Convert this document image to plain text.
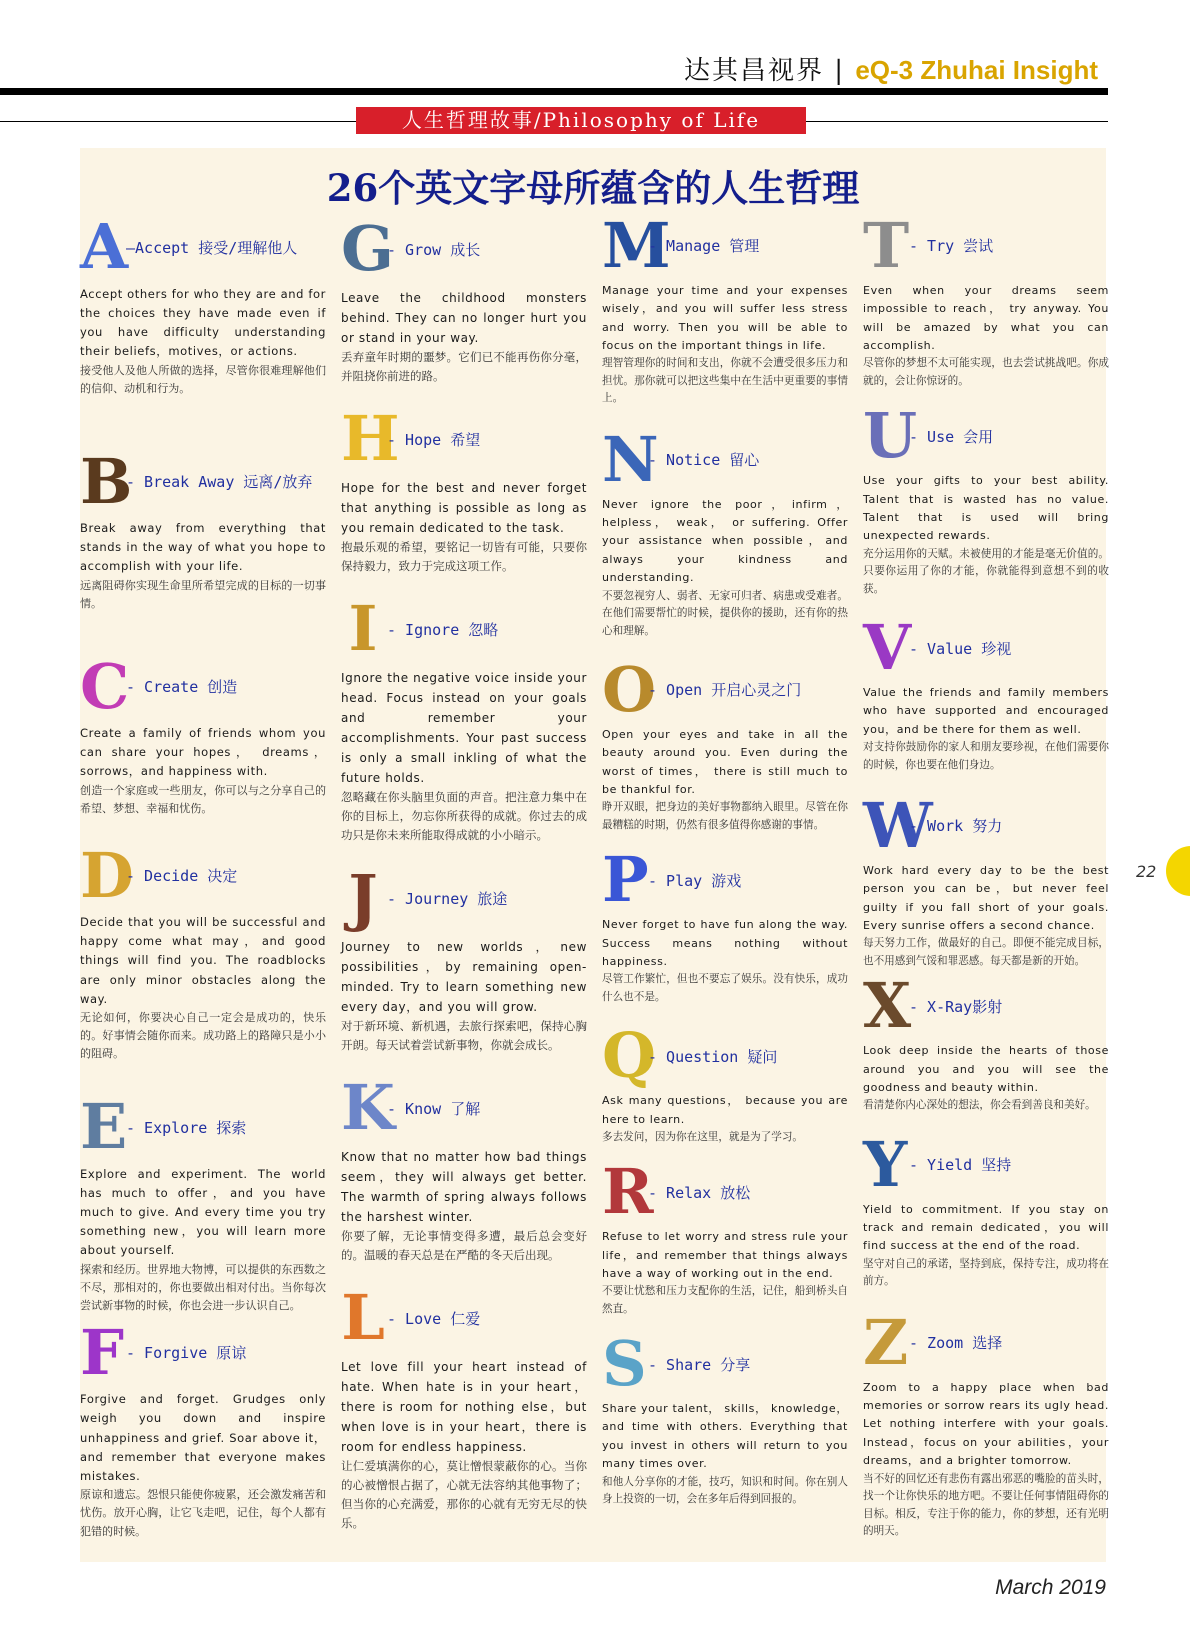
达其昌视界 | eQ-3 Zhuhai Insight
人生哲理故事/Philosophy of Life
26个英文字母所蕴含的人生哲理
A
–Accept 接受/理解他人

Accept others for who they are and for the choices they have made even if you have difficulty understanding their beliefs，motives，or actions.

接受他人及他人所做的选择，尽管你很难理解他们的信仰、动机和行为。

B
- Break Away 远离/放弃

Break away from everything that stands in the way of what you hope to accomplish with your life.

远离阻碍你实现生命里所希望完成的目标的一切事情。

C
- Create 创造

Create a family of friends whom you can share your hopes， dreams， sorrows，and happiness with.

创造一个家庭或一些朋友，你可以与之分享自己的希望、梦想、幸福和忧伤。

D
- Decide 决定

Decide that you will be successful and happy come what may，and good things will find you. The roadblocks are only minor obstacles along the way.

无论如何，你要决心自己一定会是成功的，快乐的。好事情会随你而来。成功路上的路障只是小小的阻碍。

E
- Explore 探索

Explore and experiment. The world has much to offer，and you have much to give. And every time you try something new，you will learn more about yourself.

探索和经历。世界地大物博，可以提供的东西数之不尽，那相对的，你也要做出相对付出。当你每次尝试新事物的时候，你也会进一步认识自己。

F - Forgive 原谅

Forgive and forget. Grudges only weigh you down and inspire unhappiness and grief. Soar above it，and remember that everyone makes mistakes.

原谅和遗忘。怨恨只能使你疲累，还会激发痛苦和忧伤。放开心胸，让它飞走吧，记住，每个人都有犯错的时候。

G
- Grow 成长

Leave the childhood monsters behind. They can no longer hurt you or stand in your way.

丢弃童年时期的噩梦。它们已不能再伤你分毫，并阻挠你前进的路。

H
- Hope 希望

Hope for the best and never forget that anything is possible as long as you remain dedicated to the task.

抱最乐观的希望，要铭记一切皆有可能，只要你保持毅力，致力于完成这项工作。

I - Ignore 忽略

Ignore the negative voice inside your head. Focus instead on your goals and remember your accomplishments. Your past success is only a small inkling of what the future holds.

忽略藏在你头脑里负面的声音。把注意力集中在你的目标上，勿忘你所获得的成就。你过去的成功只是你未来所能取得成就的小小暗示。

J - Journey 旅途

Journey to new worlds，new possibilities，by remaining open-minded. Try to learn something new every day，and you will grow.

对于新环境、新机遇，去旅行探索吧，保持心胸开朗。每天试着尝试新事物，你就会成长。

K
- Know 了解

Know that no matter how bad things seem，they will always get better. The warmth of spring always follows the harshest winter.

你要了解，无论事情变得多遭，最后总会变好的。温暖的春天总是在严酷的冬天后出现。

L - Love 仁爱

Let love fill your heart instead of hate. When hate is in your heart，there is room for nothing else，but when love is in your heart，there is room for endless happiness.

让仁爱填满你的心，莫让憎恨蒙蔽你的心。当你的心被憎恨占据了，心就无法容纳其他事物了；但当你的心充满爱，那你的心就有无穷无尽的快乐。

M
- Manage 管理

Manage your time and your expenses wisely，and you will suffer less stress and worry. Then you will be able to focus on the important things in life.

理智管理你的时间和支出，你就不会遭受很多压力和担忧。那你就可以把这些集中在生活中更重要的事情上。

N
- Notice 留心

Never ignore the poor，infirm，helpless， weak， or suffering. Offer your assistance when possible，and always your kindness and understanding.

不要忽视穷人、弱者、无家可归者、病患或受难者。在他们需要帮忙的时候，提供你的援助，还有你的热心和理解。

O
- Open 开启心灵之门

Open your eyes and take in all the beauty around you. Even during the worst of times， there is still much to be thankful for.

睁开双眼，把身边的美好事物都纳入眼里。尽管在你最糟糕的时期，仍然有很多值得你感谢的事情。

P - Play 游戏

Never forget to have fun along the way. Success means nothing without happiness.

尽管工作繁忙，但也不要忘了娱乐。没有快乐，成功什么也不是。

Q
- Question 疑问

Ask many questions， because you are here to learn.

多去发问，因为你在这里，就是为了学习。

R
- Relax 放松

Refuse to let worry and stress rule your life，and remember that things always have a way of working out in the end.

不要让忧愁和压力支配你的生活，记住，船到桥头自然直。

S - Share 分享

Share your talent， skills， knowledge， and time with others. Everything that you invest in others will return to you many times over.

和他人分享你的才能，技巧，知识和时间。你在别人身上投资的一切，会在多年后得到回报的。

T - Try 尝试

Even when your dreams seem impossible to reach， try anyway. You will be amazed by what you can accomplish.

尽管你的梦想不太可能实现，也去尝试挑战吧。你成就的，会让你惊讶的。

U
- Use 会用

Use your gifts to your best ability. Talent that is wasted has no value. Talent that is used will bring unexpected rewards.

充分运用你的天赋。未被使用的才能是毫无价值的。只要你运用了你的才能，你就能得到意想不到的收获。

V
- Value 珍视

Value the friends and family members who have supported and encouraged you，and be there for them as well.

对支持你鼓励你的家人和朋友要珍视，在他们需要你的时候，你也要在他们身边。

W
- Work 努力

Work hard every day to be the best person you can be，but never feel guilty if you fall short of your goals. Every sunrise offers a second chance.

每天努力工作，做最好的自己。即便不能完成目标，也不用感到气馁和罪恶感。每天都是新的开始。

X
- X-Ray影射

Look deep inside the hearts of those around you and you will see the goodness and beauty within.

看清楚你内心深处的想法，你会看到善良和美好。

Y - Yield 坚持

Yield to commitment. If you stay on track and remain dedicated，you will find success at the end of the road.

坚守对自己的承诺，坚持到底，保持专注，成功将在前方。

Z - Zoom 选择

Zoom to a happy place when bad memories or sorrow rears its ugly head. Let nothing interfere with your goals. Instead，focus on your abilities，your dreams，and a brighter tomorrow.

当不好的回忆还有悲伤有露出邪恶的嘴脸的苗头时，找一个让你快乐的地方吧。不要让任何事情阻碍你的目标。相反，专注于你的能力，你的梦想，还有光明的明天。

22
March 2019
